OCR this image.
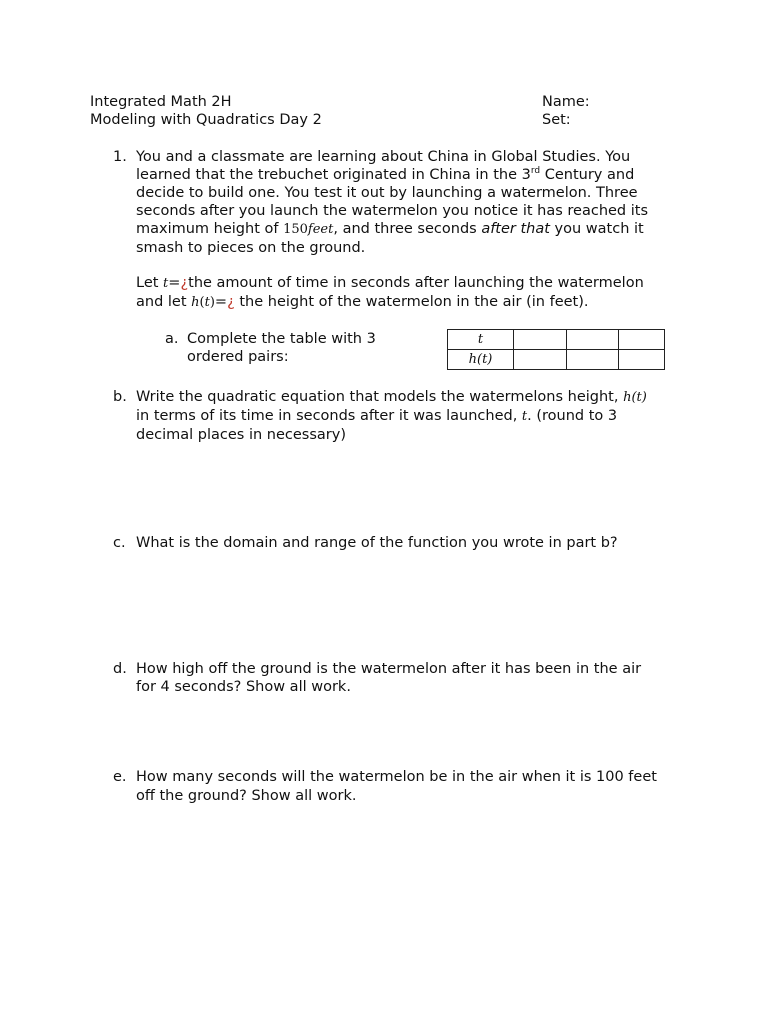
Integrated Math 2H
Modeling with Quadratics Day 2
Name:
Set:
1. You and a classmate are learning about China in Global Studies. You
learned that the trebuchet originated in China in the 3rd Century and
decide to build one. You test it out by launching a watermelon. Three
seconds after you launch the watermelon you notice it has reached its
maximum height of 150feet, and three seconds after that you watch it
smash to pieces on the ground.
Let t=¿the amount of time in seconds after launching the watermelon
and let h(t)=¿ the height of the watermelon in the air (in feet).
a. Complete the table with 3
ordered pairs:
t			
h(t)			
b. Write the quadratic equation that models the watermelons height, h(t)
in terms of its time in seconds after it was launched, t. (round to 3
decimal places in necessary)
c. What is the domain and range of the function you wrote in part b?
d. How high off the ground is the watermelon after it has been in the air
for 4 seconds? Show all work.
e. How many seconds will the watermelon be in the air when it is 100 feet
off the ground? Show all work.
